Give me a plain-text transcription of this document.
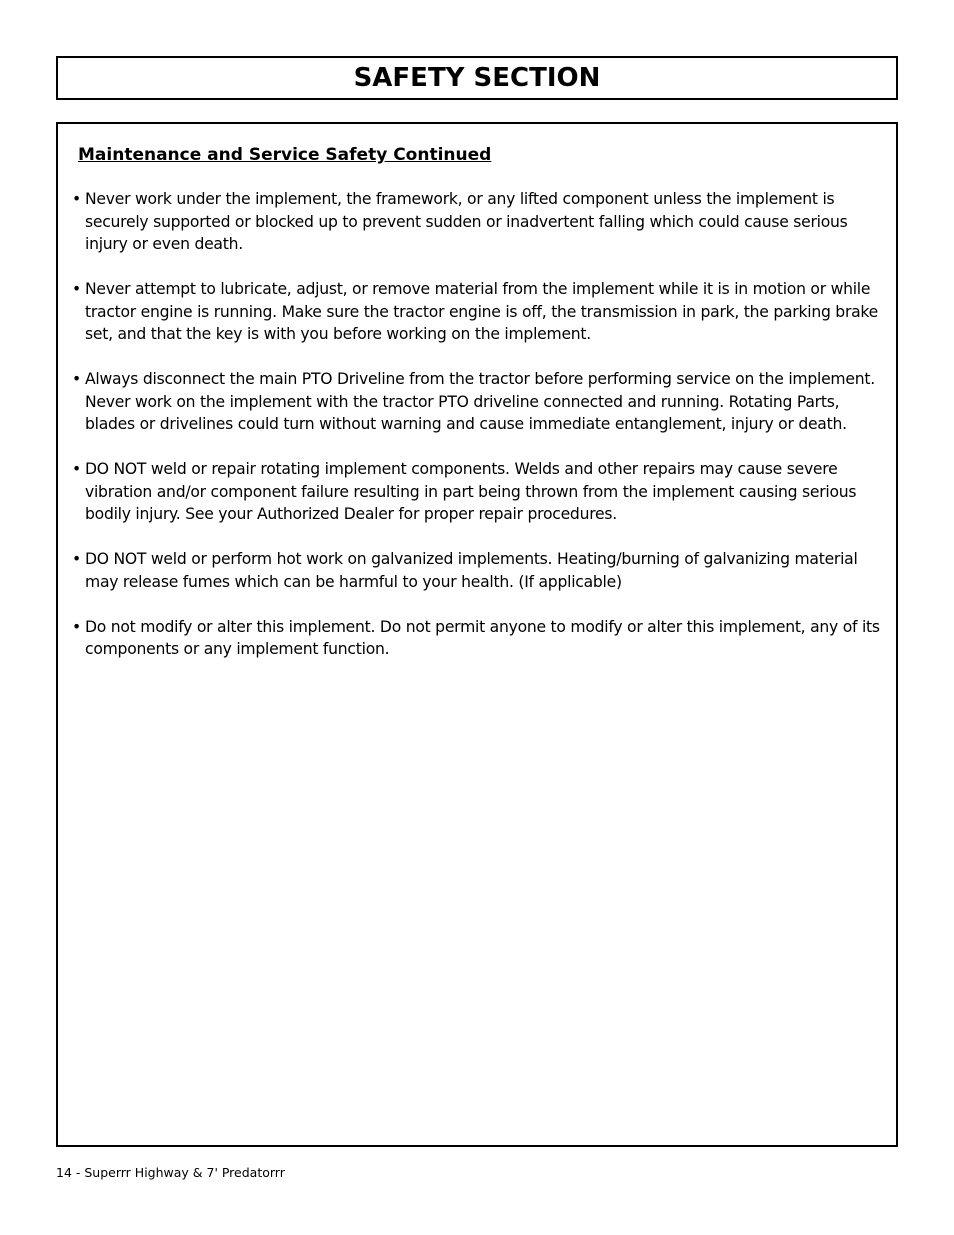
SAFETY SECTION
Maintenance and Service Safety Continued
• Never work under the implement, the framework, or any lifted component unless the implement is securely supported or blocked up to prevent sudden or inadvertent falling which could cause serious injury or even death.
• Never attempt to lubricate, adjust, or remove material from the implement while it is in motion or while tractor engine is running. Make sure the tractor engine is off, the transmission in park, the parking brake set, and that the key is with you before working on the implement.
• Always disconnect the main PTO Driveline from the tractor before performing service on the implement. Never work on the implement with the tractor PTO driveline connected and running. Rotating Parts, blades or drivelines could turn without warning and cause immediate entanglement, injury or death.
• DO NOT weld or repair rotating implement components. Welds and other repairs may cause severe vibration and/or component failure resulting in part being thrown from the implement causing serious bodily injury. See your Authorized Dealer for proper repair procedures.
• DO NOT weld or perform hot work on galvanized implements. Heating/burning of galvanizing material may release fumes which can be harmful to your health. (If applicable)
• Do not modify or alter this implement. Do not permit anyone to modify or alter this implement, any of its components or any implement function.
14 - Superrr Highway & 7' Predatorrr
